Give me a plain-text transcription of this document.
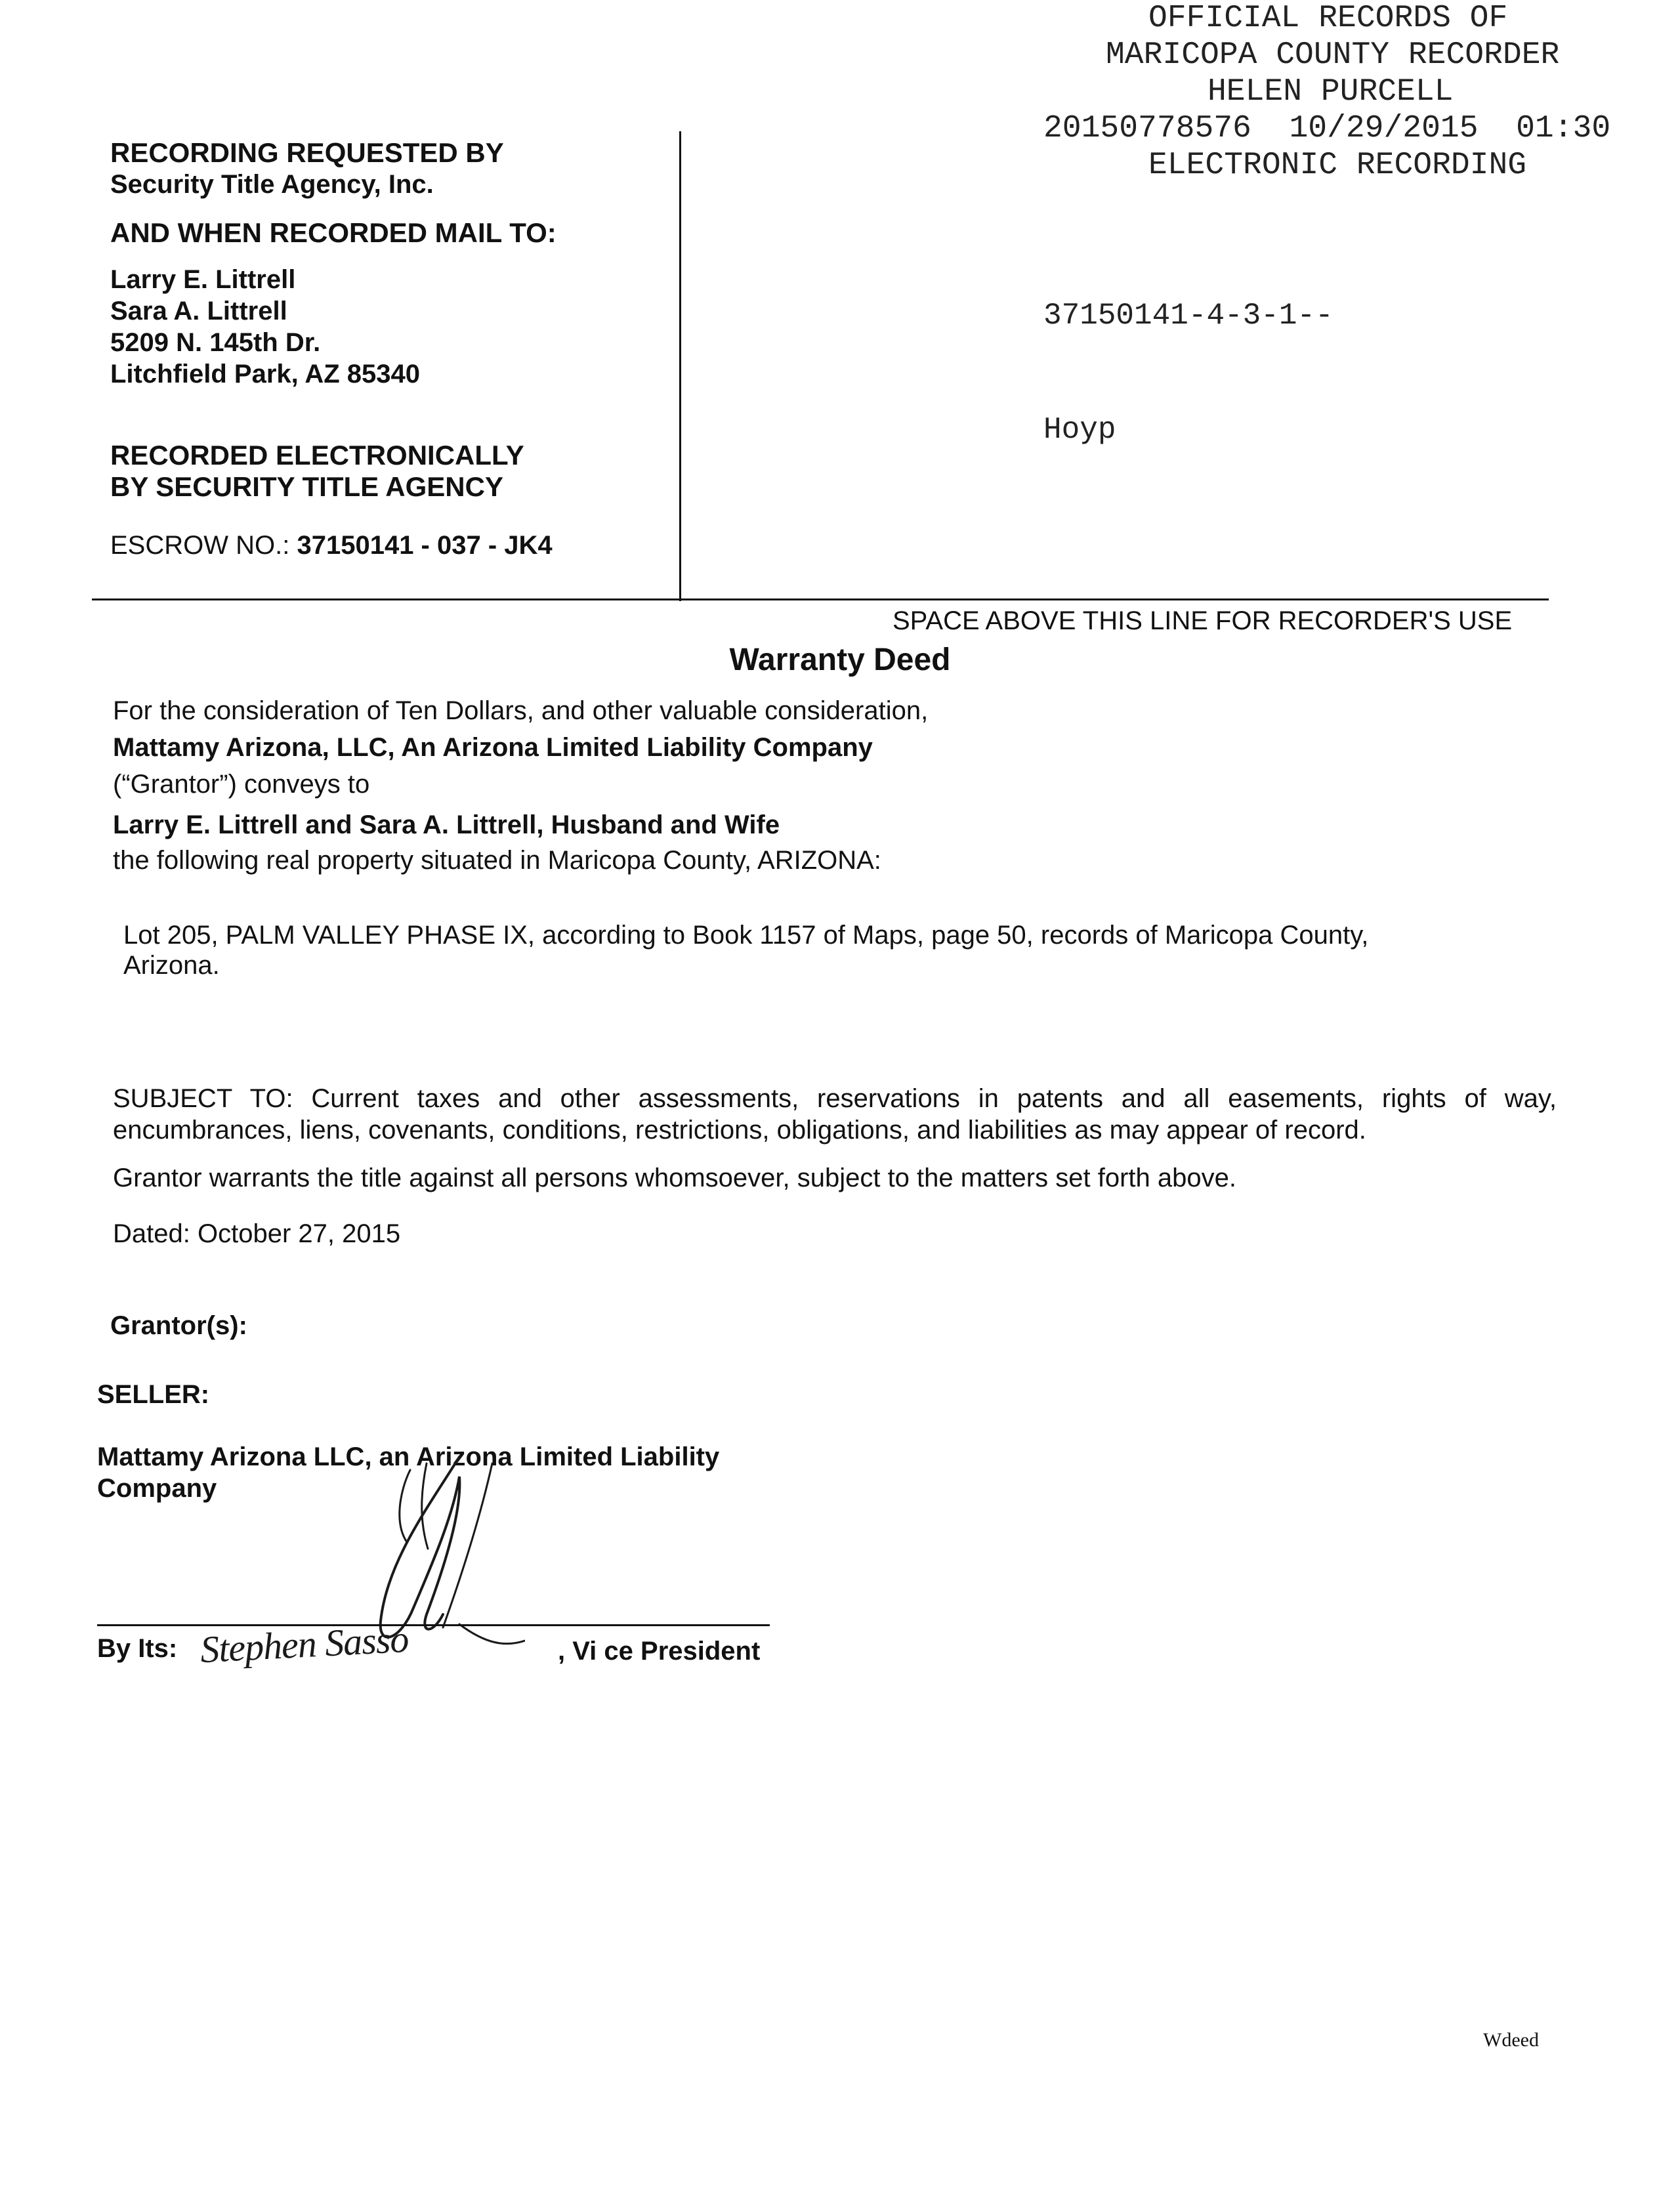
OFFICIAL RECORDS OF
MARICOPA COUNTY RECORDER
HELEN PURCELL
20150778576  10/29/2015  01:30
ELECTRONIC RECORDING

37150141-4-3-1--

Hoyp

RECORDING REQUESTED BY
Security Title Agency, Inc.
AND WHEN RECORDED MAIL TO:
Larry E. Littrell
Sara A. Littrell
5209 N. 145th Dr.
Litchfield Park, AZ 85340
RECORDED ELECTRONICALLY
BY SECURITY TITLE AGENCY
ESCROW NO.: 37150141 - 037 - JK4
SPACE ABOVE THIS LINE FOR RECORDER'S USE
Warranty Deed
For the consideration of Ten Dollars, and other valuable consideration,
Mattamy Arizona, LLC, An Arizona Limited Liability Company
(“Grantor”) conveys to
Larry E. Littrell and Sara A. Littrell, Husband and Wife
the following real property situated in Maricopa County, ARIZONA:
Lot 205, PALM VALLEY PHASE IX, according to Book 1157 of Maps, page 50, records of Maricopa County,
Arizona.
SUBJECT TO: Current taxes and other assessments, reservations in patents and all easements, rights of way, encumbrances, liens, covenants, conditions, restrictions, obligations, and liabilities as may appear of record.
Grantor warrants the title against all persons whomsoever, subject to the matters set forth above.
Dated: October 27, 2015
Grantor(s):
SELLER:
Mattamy Arizona LLC, an Arizona Limited Liability
Company
By Its: Stephen Sasso	, Vi ce President
Wdeed
